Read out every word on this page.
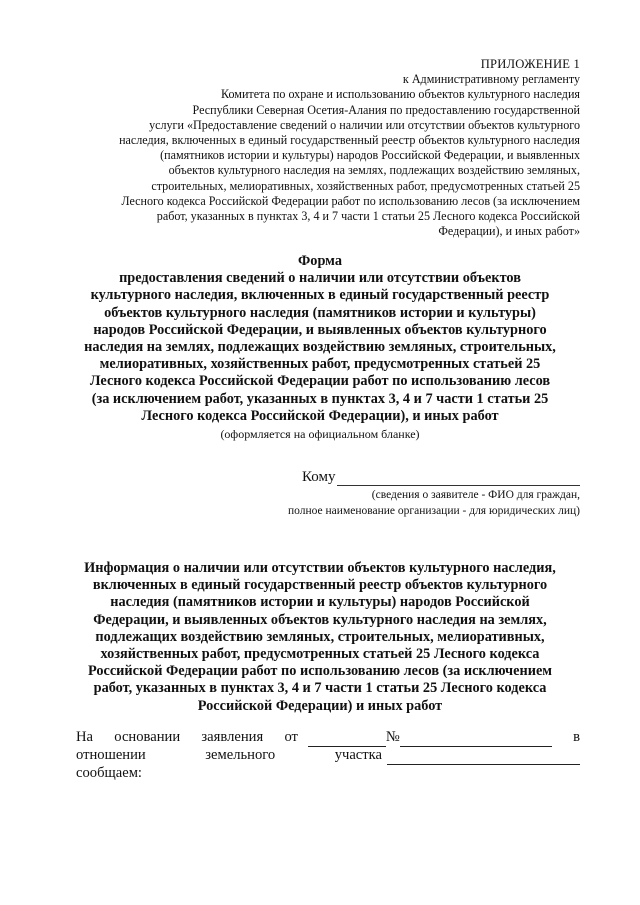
ПРИЛОЖЕНИЕ 1
к Административному регламенту
Комитета по охране и использованию объектов культурного наследия
Республики Северная Осетия-Алания по предоставлению государственной
услуги «Предоставление сведений о наличии или отсутствии объектов культурного
наследия, включенных в единый государственный реестр объектов культурного наследия
(памятников истории и культуры) народов Российской Федерации, и выявленных
объектов культурного наследия на землях, подлежащих воздействию земляных,
строительных, мелиоративных, хозяйственных работ, предусмотренных статьей 25
Лесного кодекса Российской Федерации работ по использованию лесов (за исключением
работ, указанных в пунктах 3, 4 и 7 части 1 статьи 25 Лесного кодекса Российской
Федерации), и иных работ»
Форма
предоставления сведений о наличии или отсутствии объектов
культурного наследия, включенных в единый государственный реестр
объектов культурного наследия (памятников истории и культуры)
народов Российской Федерации, и выявленных объектов культурного
наследия на землях, подлежащих воздействию земляных, строительных,
мелиоративных, хозяйственных работ, предусмотренных статьей 25
Лесного кодекса Российской Федерации работ по использованию лесов
(за исключением работ, указанных в пунктах 3, 4 и 7 части 1 статьи 25
Лесного кодекса Российской Федерации), и иных работ
(оформляется на официальном бланке)
Кому
(сведения о заявителе - ФИО для граждан,
полное наименование организации - для юридических лиц)
Информация о наличии или отсутствии объектов культурного наследия,
включенных в единый государственный реестр объектов культурного
наследия (памятников истории и культуры) народов Российской
Федерации, и выявленных объектов культурного наследия на землях,
подлежащих воздействию земляных, строительных, мелиоративных,
хозяйственных работ, предусмотренных статьей 25 Лесного кодекса
Российской Федерации работ по использованию лесов (за исключением
работ, указанных в пунктах 3, 4 и 7 части 1 статьи 25 Лесного кодекса
Российской Федерации) и иных работ
На основании заявления от	№	в
отношении	земельного	участка
сообщаем:
